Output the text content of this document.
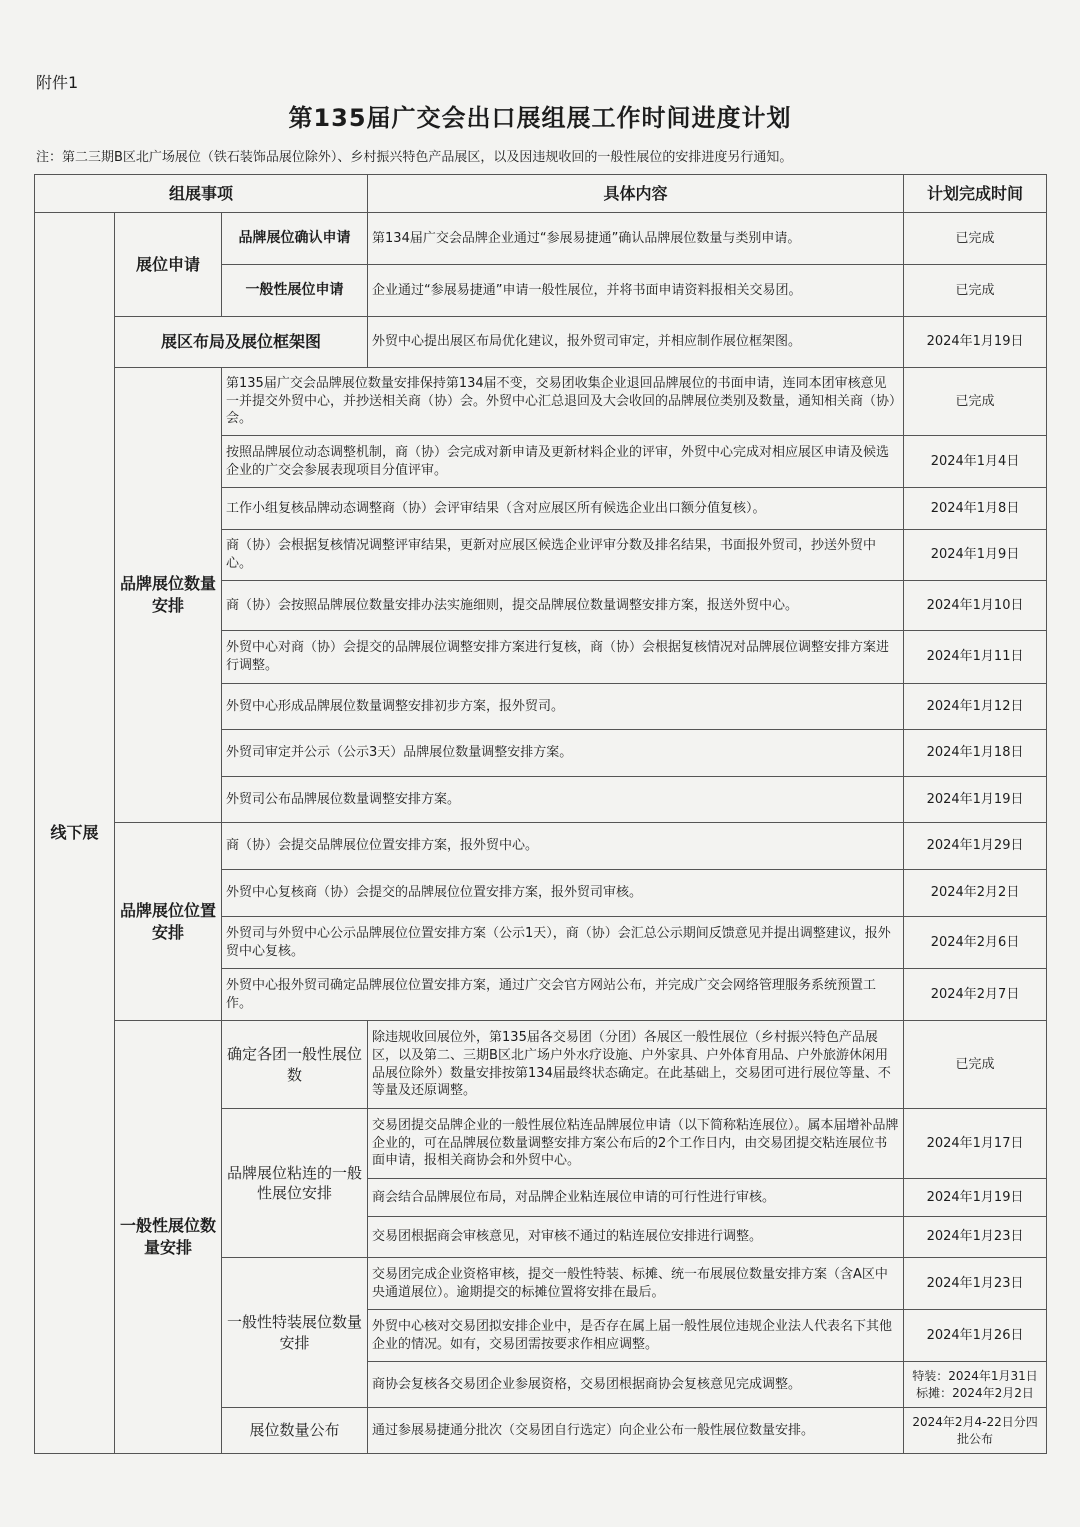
附件1
第135届广交会出口展组展工作时间进度计划
注：第二三期B区北广场展位（铁石装饰品展位除外）、乡村振兴特色产品展区，以及因违规收回的一般性展位的安排进度另行通知。
组展事项			具体内容	计划完成时间
线下展	展位申请	品牌展位确认申请	第134届广交会品牌企业通过“参展易捷通”确认品牌展位数量与类别申请。	已完成
		一般性展位申请	企业通过“参展易捷通”申请一般性展位，并将书面申请资料报相关交易团。	已完成
	展区布局及展位框架图		外贸中心提出展区布局优化建议，报外贸司审定，并相应制作展位框架图。	2024年1月19日
	品牌展位数量安排	第135届广交会品牌展位数量安排保持第134届不变，交易团收集企业退回品牌展位的书面申请，连同本团审核意见一并提交外贸中心，并抄送相关商（协）会。外贸中心汇总退回及大会收回的品牌展位类别及数量，通知相关商（协）会。		已完成
		按照品牌展位动态调整机制，商（协）会完成对新申请及更新材料企业的评审，外贸中心完成对相应展区申请及候选企业的广交会参展表现项目分值评审。		2024年1月4日
		工作小组复核品牌动态调整商（协）会评审结果（含对应展区所有候选企业出口额分值复核）。		2024年1月8日
		商（协）会根据复核情况调整评审结果，更新对应展区候选企业评审分数及排名结果，书面报外贸司，抄送外贸中心。		2024年1月9日
		商（协）会按照品牌展位数量安排办法实施细则，提交品牌展位数量调整安排方案，报送外贸中心。		2024年1月10日
		外贸中心对商（协）会提交的品牌展位调整安排方案进行复核，商（协）会根据复核情况对品牌展位调整安排方案进行调整。		2024年1月11日
		外贸中心形成品牌展位数量调整安排初步方案，报外贸司。		2024年1月12日
		外贸司审定并公示（公示3天）品牌展位数量调整安排方案。		2024年1月18日
		外贸司公布品牌展位数量调整安排方案。		2024年1月19日
	品牌展位位置安排	商（协）会提交品牌展位位置安排方案，报外贸中心。		2024年1月29日
		外贸中心复核商（协）会提交的品牌展位位置安排方案，报外贸司审核。		2024年2月2日
		外贸司与外贸中心公示品牌展位位置安排方案（公示1天），商（协）会汇总公示期间反馈意见并提出调整建议，报外贸中心复核。		2024年2月6日
		外贸中心报外贸司确定品牌展位位置安排方案，通过广交会官方网站公布，并完成广交会网络管理服务系统预置工作。		2024年2月7日
	一般性展位数量安排	确定各团一般性展位数	除违规收回展位外，第135届各交易团（分团）各展区一般性展位（乡村振兴特色产品展区，以及第二、三期B区北广场户外水疗设施、户外家具、户外体育用品、户外旅游休闲用品展位除外）数量安排按第134届最终状态确定。在此基础上，交易团可进行展位等量、不等量及还原调整。	已完成
		品牌展位粘连的一般性展位安排	交易团提交品牌企业的一般性展位粘连品牌展位申请（以下简称粘连展位）。属本届增补品牌企业的，可在品牌展位数量调整安排方案公布后的2个工作日内，由交易团提交粘连展位书面申请，报相关商协会和外贸中心。	2024年1月17日
			商会结合品牌展位布局，对品牌企业粘连展位申请的可行性进行审核。	2024年1月19日
			交易团根据商会审核意见，对审核不通过的粘连展位安排进行调整。	2024年1月23日
		一般性特装展位数量安排	交易团完成企业资格审核，提交一般性特装、标摊、统一布展展位数量安排方案（含A区中央通道展位）。逾期提交的标摊位置将安排在最后。	2024年1月23日
			外贸中心核对交易团拟安排企业中，是否存在属上届一般性展位违规企业法人代表名下其他企业的情况。如有，交易团需按要求作相应调整。	2024年1月26日
			商协会复核各交易团企业参展资格，交易团根据商协会复核意见完成调整。	特装：2024年1月31日
标摊：2024年2月2日

		展位数量公布	通过参展易捷通分批次（交易团自行选定）向企业公布一般性展位数量安排。	2024年2月4-22日分四批公布
